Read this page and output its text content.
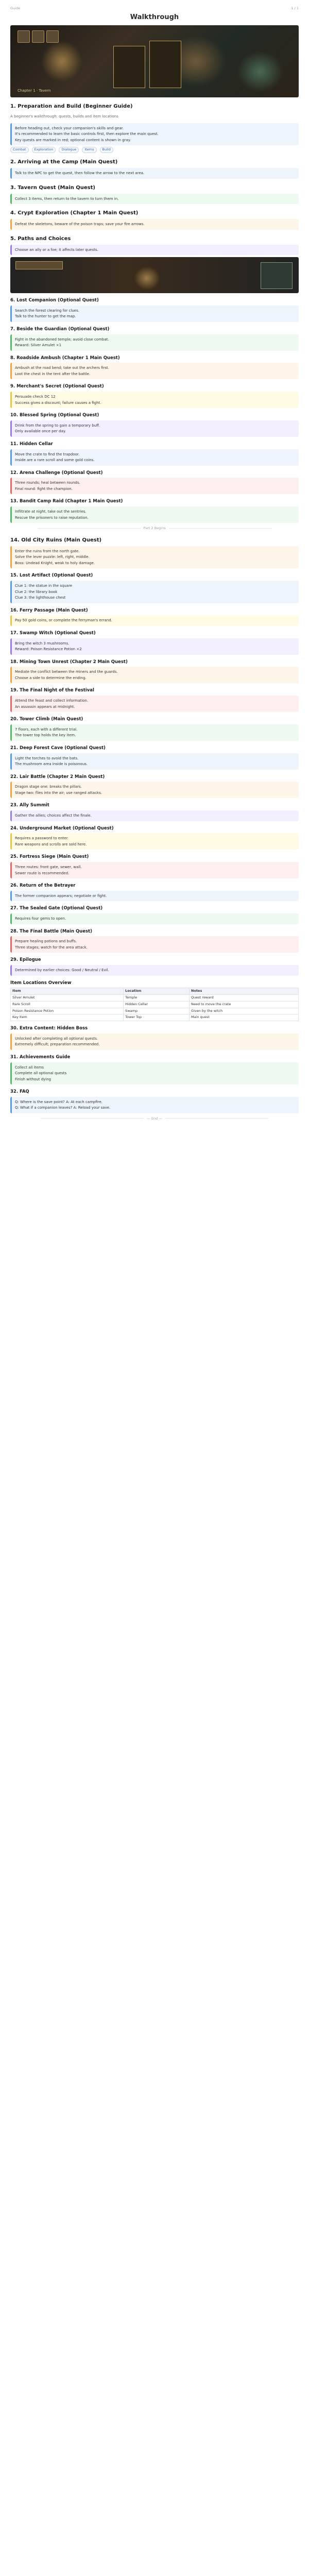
Guide	1 / 1
Walkthrough
Chapter 1 · Tavern
1. Preparation and Build (Beginner Guide)

A beginner's walkthrough: quests, builds and item locations

Before heading out, check your companion's skills and gear.

It's recommended to learn the basic controls first, then explore the main quest.

Key quests are marked in red; optional content is shown in gray.

Combat	Exploration	Dialogue	Items	Build
2. Arriving at the Camp (Main Quest)

Talk to the NPC to get the quest, then follow the arrow to the next area.

3. Tavern Quest (Main Quest)

Collect 3 items, then return to the tavern to turn them in.

4. Crypt Exploration (Chapter 1 Main Quest)

Defeat the skeletons, beware of the poison traps; save your fire arrows.

5. Paths and Choices

Choose an ally or a foe; it affects later quests.

6. Lost Companion (Optional Quest)

Search the forest clearing for clues.

Talk to the hunter to get the map.

7. Beside the Guardian (Optional Quest)

Fight in the abandoned temple; avoid close combat.

Reward: Silver Amulet ×1

8. Roadside Ambush (Chapter 1 Main Quest)

Ambush at the road bend; take out the archers first.

Loot the chest in the tent after the battle.

9. Merchant's Secret (Optional Quest)

Persuade check DC 12

Success gives a discount; failure causes a fight.

10. Blessed Spring (Optional Quest)

Drink from the spring to gain a temporary buff.

Only available once per day.

11. Hidden Cellar

Move the crate to find the trapdoor.

Inside are a rare scroll and some gold coins.

12. Arena Challenge (Optional Quest)

Three rounds; heal between rounds.

Final round: fight the champion.

13. Bandit Camp Raid (Chapter 1 Main Quest)

Infiltrate at night, take out the sentries.

Rescue the prisoners to raise reputation.

Part 2 Begins
14. Old City Ruins (Main Quest)

Enter the ruins from the north gate.

Solve the lever puzzle: left, right, middle.

Boss: Undead Knight, weak to holy damage.

15. Lost Artifact (Optional Quest)

Clue 1: the statue in the square

Clue 2: the library book

Clue 3: the lighthouse chest

16. Ferry Passage (Main Quest)

Pay 50 gold coins, or complete the ferryman's errand.

17. Swamp Witch (Optional Quest)

Bring the witch 3 mushrooms.

Reward: Poison Resistance Potion ×2

18. Mining Town Unrest (Chapter 2 Main Quest)

Mediate the conflict between the miners and the guards.

Choose a side to determine the ending.

19. The Final Night of the Festival

Attend the feast and collect information.

An assassin appears at midnight.

20. Tower Climb (Main Quest)

7 floors, each with a different trial.

The tower top holds the key item.

21. Deep Forest Cave (Optional Quest)

Light the torches to avoid the bats.

The mushroom area inside is poisonous.

22. Lair Battle (Chapter 2 Main Quest)

Dragon stage one: breaks the pillars.

Stage two: flies into the air; use ranged attacks.

23. Ally Summit

Gather the allies; choices affect the finale.

24. Underground Market (Optional Quest)

Requires a password to enter.

Rare weapons and scrolls are sold here.

25. Fortress Siege (Main Quest)

Three routes: front gate, sewer, wall.

Sewer route is recommended.

26. Return of the Betrayer

The former companion appears; negotiate or fight.

27. The Sealed Gate (Optional Quest)

Requires four gems to open.

28. The Final Battle (Main Quest)

Prepare healing potions and buffs.

Three stages; watch for the area attack.

29. Epilogue

Determined by earlier choices: Good / Neutral / Evil.

Item Locations Overview
Item	Location	Notes
Silver Amulet	Temple	Quest reward
Rare Scroll	Hidden Cellar	Need to move the crate
Poison Resistance Potion	Swamp	Given by the witch
Key Item	Tower Top	Main quest
30. Extra Content: Hidden Boss

Unlocked after completing all optional quests.

Extremely difficult; preparation recommended.

31. Achievements Guide

Collect all items

Complete all optional quests

Finish without dying

32. FAQ

Q: Where is the save point? A: At each campfire.

Q: What if a companion leaves? A: Reload your save.

— End —
